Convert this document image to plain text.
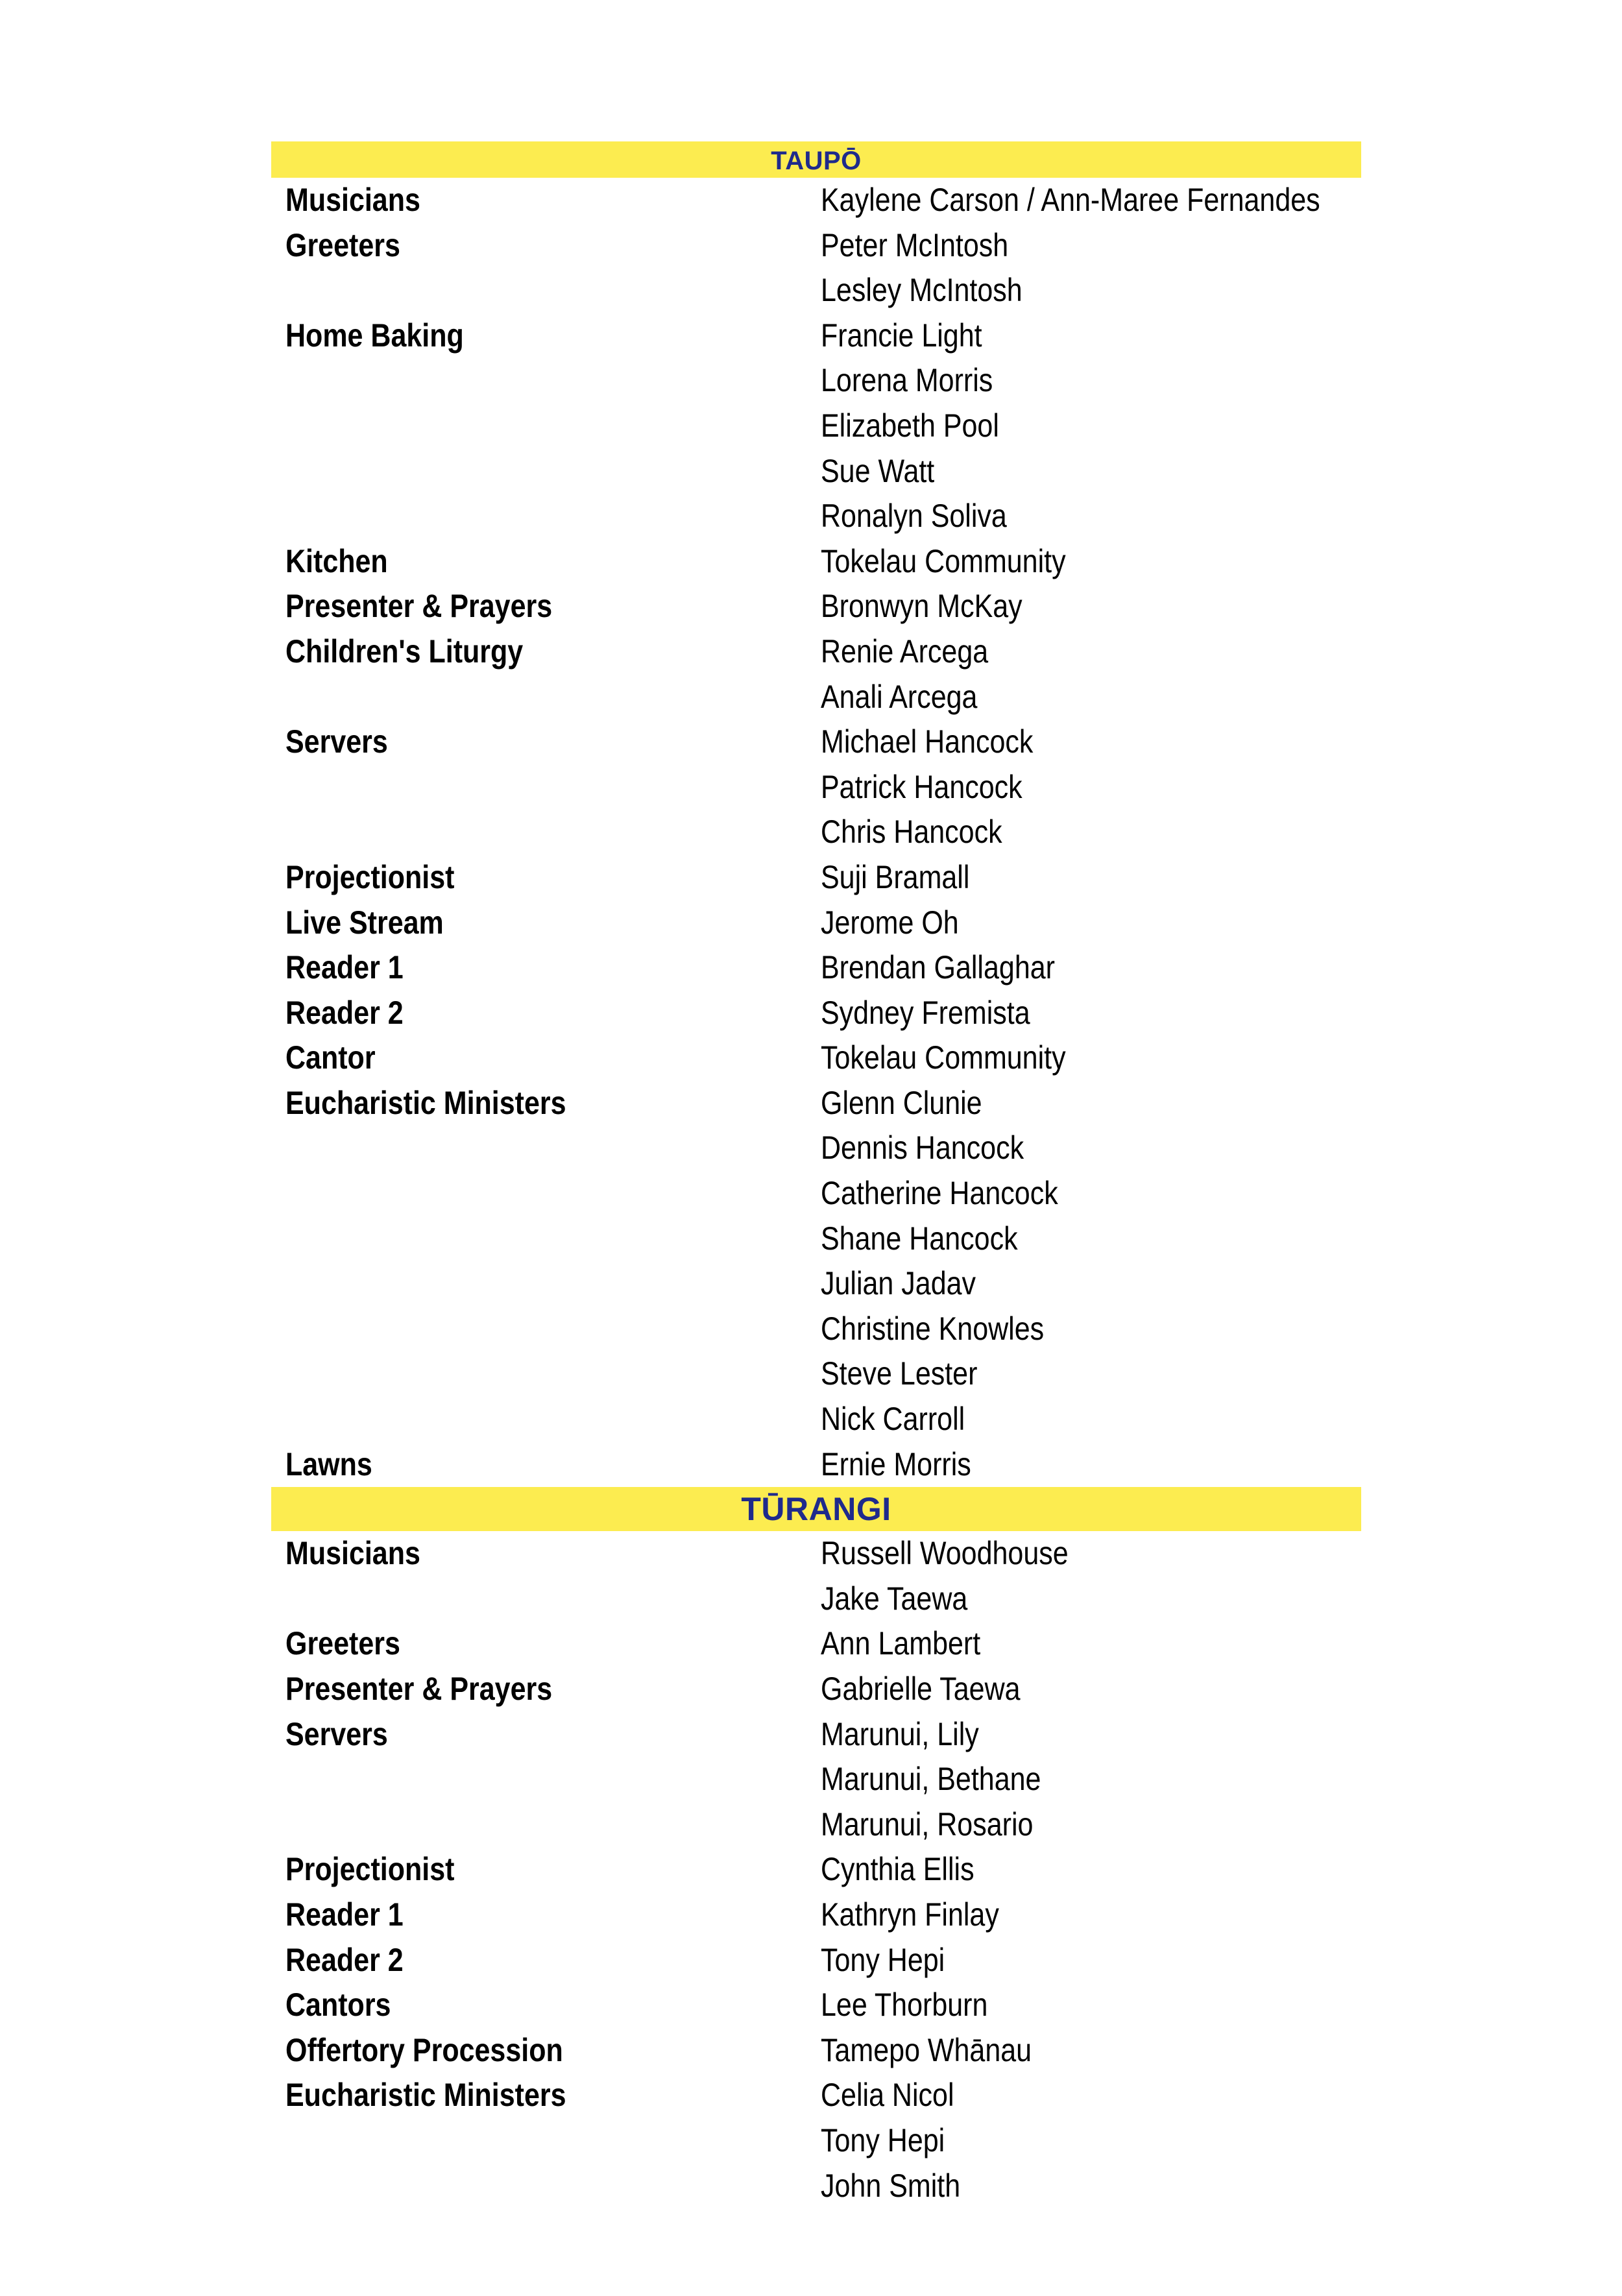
TAUPŌ
Musicians	Kaylene Carson / Ann-Maree Fernandes
Greeters	Peter McIntosh
Lesley McIntosh
Home Baking	Francie Light
Lorena Morris
Elizabeth Pool
Sue Watt
Ronalyn Soliva
Kitchen	Tokelau Community
Presenter & Prayers	Bronwyn McKay
Children's Liturgy	Renie Arcega
Anali Arcega
Servers	Michael Hancock
Patrick Hancock
Chris Hancock
Projectionist	Suji Bramall
Live Stream	Jerome Oh
Reader 1	Brendan Gallaghar
Reader 2	Sydney Fremista
Cantor	Tokelau Community
Eucharistic Ministers	Glenn Clunie
Dennis Hancock
Catherine Hancock
Shane Hancock
Julian Jadav
Christine Knowles
Steve Lester
Nick Carroll
Lawns	Ernie Morris
TŪRANGI
Musicians	Russell Woodhouse
Jake Taewa
Greeters	Ann Lambert
Presenter & Prayers	Gabrielle Taewa
Servers	Marunui, Lily
Marunui, Bethane
Marunui, Rosario
Projectionist	Cynthia Ellis
Reader 1	Kathryn Finlay
Reader 2	Tony Hepi
Cantors	Lee Thorburn
Offertory Procession	Tamepo Whānau
Eucharistic Ministers	Celia Nicol
Tony Hepi
John Smith
